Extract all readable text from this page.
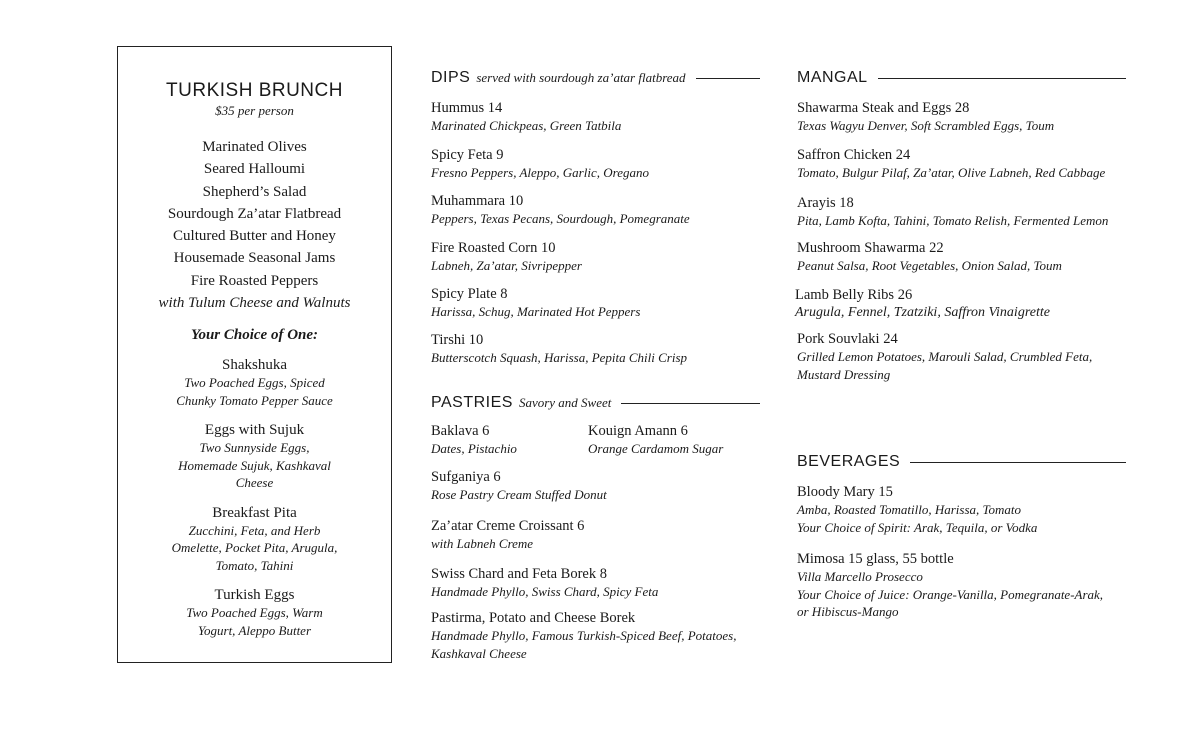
TURKISH BRUNCH
$35 per person
Marinated Olives
Seared Halloumi
Shepherd’s Salad
Sourdough Za’atar Flatbread
Cultured Butter and Honey
Housemade Seasonal Jams
Fire Roasted Peppers
with Tulum Cheese and Walnuts
Your Choice of One:
Shakshuka
Two Poached Eggs, Spiced
Chunky Tomato Pepper Sauce
Eggs with Sujuk
Two Sunnyside Eggs,
Homemade Sujuk, Kashkaval
Cheese
Breakfast Pita
Zucchini, Feta, and Herb
Omelette, Pocket Pita, Arugula,
Tomato, Tahini
Turkish Eggs
Two Poached Eggs, Warm
Yogurt, Aleppo Butter
DIPS served with sourdough za’atar flatbread
Hummus 14
Marinated Chickpeas, Green Tatbila
Spicy Feta 9
Fresno Peppers, Aleppo, Garlic, Oregano
Muhammara 10
Peppers, Texas Pecans, Sourdough, Pomegranate
Fire Roasted Corn 10
Labneh, Za’atar, Sivripepper
Spicy Plate 8
Harissa, Schug, Marinated Hot Peppers
Tirshi 10
Butterscotch Squash, Harissa, Pepita Chili Crisp
PASTRIES Savory and Sweet
Baklava 6
Dates, Pistachio
Kouign Amann 6
Orange Cardamom Sugar
Sufganiya 6
Rose Pastry Cream Stuffed Donut
Za’atar Creme Croissant 6
with Labneh Creme
Swiss Chard and Feta Borek 8
Handmade Phyllo, Swiss Chard, Spicy Feta
Pastirma, Potato and Cheese Borek
Handmade Phyllo, Famous Turkish-Spiced Beef, Potatoes,
Kashkaval Cheese
MANGAL
Shawarma Steak and Eggs 28
Texas Wagyu Denver, Soft Scrambled Eggs, Toum
Saffron Chicken 24
Tomato, Bulgur Pilaf, Za’atar, Olive Labneh, Red Cabbage
Arayis 18
Pita, Lamb Kofta, Tahini, Tomato Relish, Fermented Lemon
Mushroom Shawarma 22
Peanut Salsa, Root Vegetables, Onion Salad, Toum
Lamb Belly Ribs 26
Arugula, Fennel, Tzatziki, Saffron Vinaigrette
Pork Souvlaki 24
Grilled Lemon Potatoes, Marouli Salad, Crumbled Feta,
Mustard Dressing
BEVERAGES
Bloody Mary 15
Amba, Roasted Tomatillo, Harissa, Tomato
Your Choice of Spirit: Arak, Tequila, or Vodka
Mimosa 15 glass, 55 bottle
Villa Marcello Prosecco
Your Choice of Juice: Orange-Vanilla, Pomegranate-Arak,
or Hibiscus-Mango
